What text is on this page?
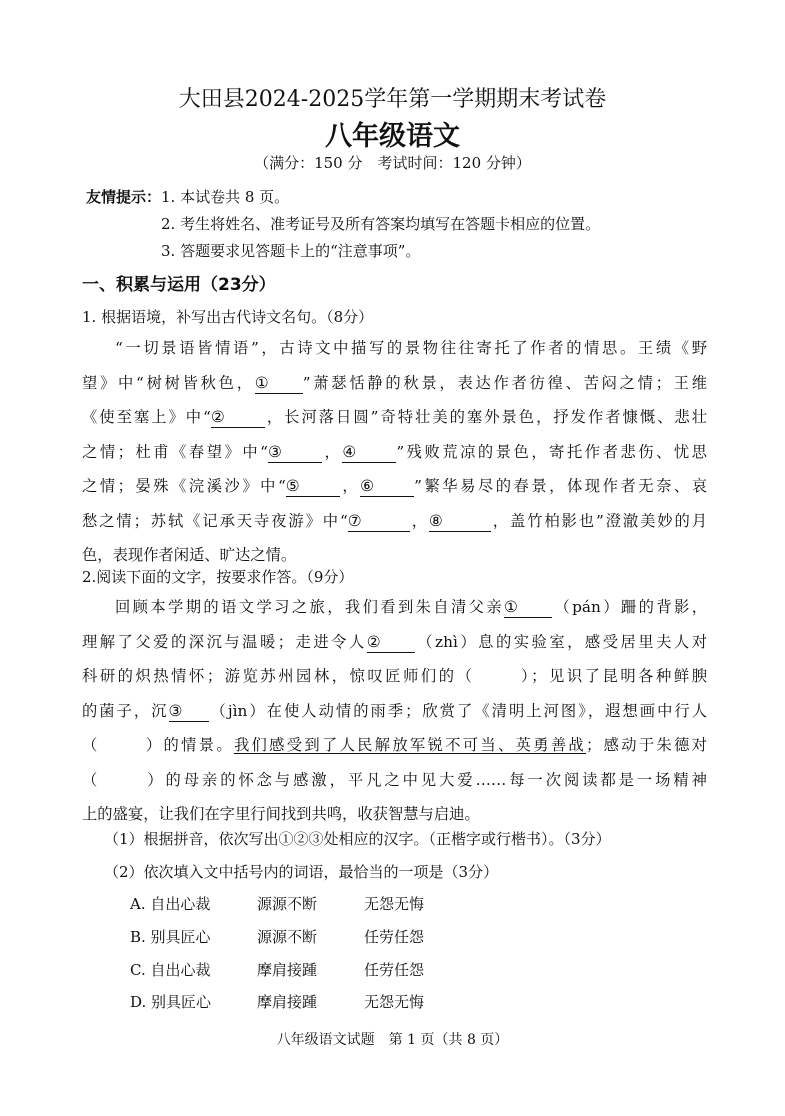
大田县2024-2025学年第一学期期末考试卷
八年级语文
（满分：150 分　考试时间：120 分钟）
友情提示：1. 本试卷共 8 页。
2. 考生将姓名、准考证号及所有答案均填写在答题卡相应的位置。
3. 答题要求见答题卡上的“注意事项”。
一、积累与运用（23分）
1. 根据语境，补写出古代诗文名句。（8分）
“一切景语皆情语”，古诗文中描写的景物往往寄托了作者的情思。王绩《野
望》中“树树皆秋色，① ”萧瑟恬静的秋景，表达作者彷徨、苦闷之情；王维
《使至塞上》中“②	，长河落日圆”奇特壮美的塞外景色，抒发作者慷慨、悲壮
之情；杜甫《春望》中“③	，④	”残败荒凉的景色，寄托作者悲伤、忧思
之情；晏殊《浣溪沙》中“⑤	，⑥	”繁华易尽的春景，体现作者无奈、哀
愁之情；苏轼《记承天寺夜游》中“⑦	，⑧	，盖竹柏影也”澄澈美妙的月
色，表现作者闲适、旷达之情。
2.阅读下面的文字，按要求作答。（9分）
回顾本学期的语文学习之旅，我们看到朱自清父亲① （pán）跚的背影，
理解了父爱的深沉与温暖；走进令人② （zhì）息的实验室，感受居里夫人对
科研的炽热情怀；游览苏州园林，惊叹匠师们的（	）；见识了昆明各种鲜腴
的菌子，沉③ （jìn）在使人动情的雨季；欣赏了《清明上河图》，遐想画中行人
（	）的情景。我们感受到了人民解放军锐不可当、英勇善战；感动于朱德对
（	）的母亲的怀念与感激，平凡之中见大爱……每一次阅读都是一场精神
上的盛宴，让我们在字里行间找到共鸣，收获智慧与启迪。
（1）根据拼音，依次写出①②③处相应的汉字。（正楷字或行楷书）。（3分）
（2）依次填入文中括号内的词语，最恰当的一项是（3分）
A. 自出心裁	源源不断	无怨无悔
B. 别具匠心	源源不断	任劳任怨
C. 自出心裁	摩肩接踵	任劳任怨
D. 别具匠心	摩肩接踵	无怨无悔
八年级语文试题　第 1 页（共 8 页）
